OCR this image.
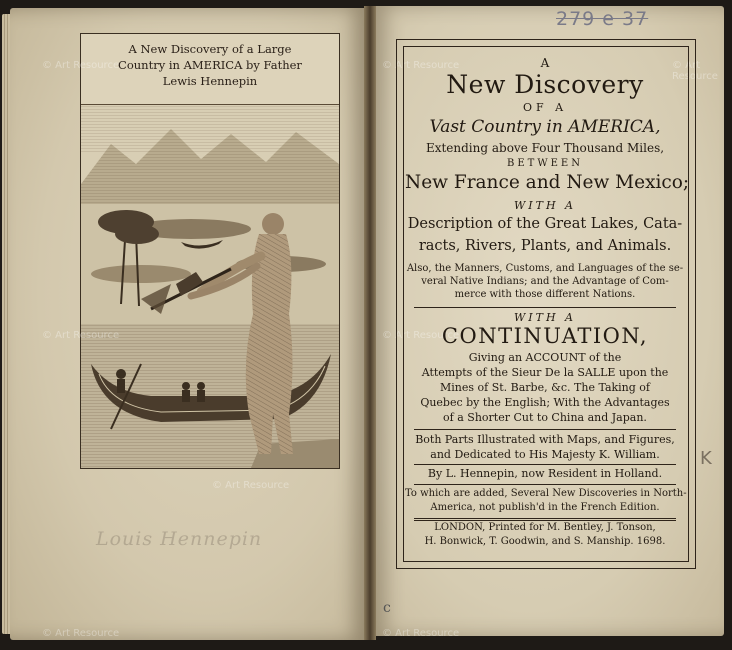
A New Discovery of a Large
Country in AMERICA by Father
Lewis Hennepin
Louis Hennepin
© Art Resource	© Art Resource	© Art Resource
© Art Resource	© Art Resource
© Art Resource
© Art Resource	© Art Resource
279 e 37
K
c
A
New Discovery
OF A
Vast Country in AMERICA,
Extending above Four Thousand Miles,
BETWEEN
New France and New Mexico;
WITH A
Description of the Great Lakes, Cata-
racts, Rivers, Plants, and Animals.
Also, the Manners, Customs, and Languages of the se-
veral Native Indians; and the Advantage of Com-
merce with those different Nations.
WITH A
CONTINUATION,
Giving an ACCOUNT of the
Attempts of the Sieur De la SALLE upon the
Mines of St. Barbe, &c. The Taking of
Quebec by the English; With the Advantages
of a Shorter Cut to China and Japan.
Both Parts Illustrated with Maps, and Figures,
and Dedicated to His Majesty K. William.
By L. Hennepin, now Resident in Holland.
To which are added, Several New Discoveries in North-
America, not publish'd in the French Edition.
LONDON, Printed for M. Bentley, J. Tonson,
H. Bonwick, T. Goodwin, and S. Manship. 1698.
